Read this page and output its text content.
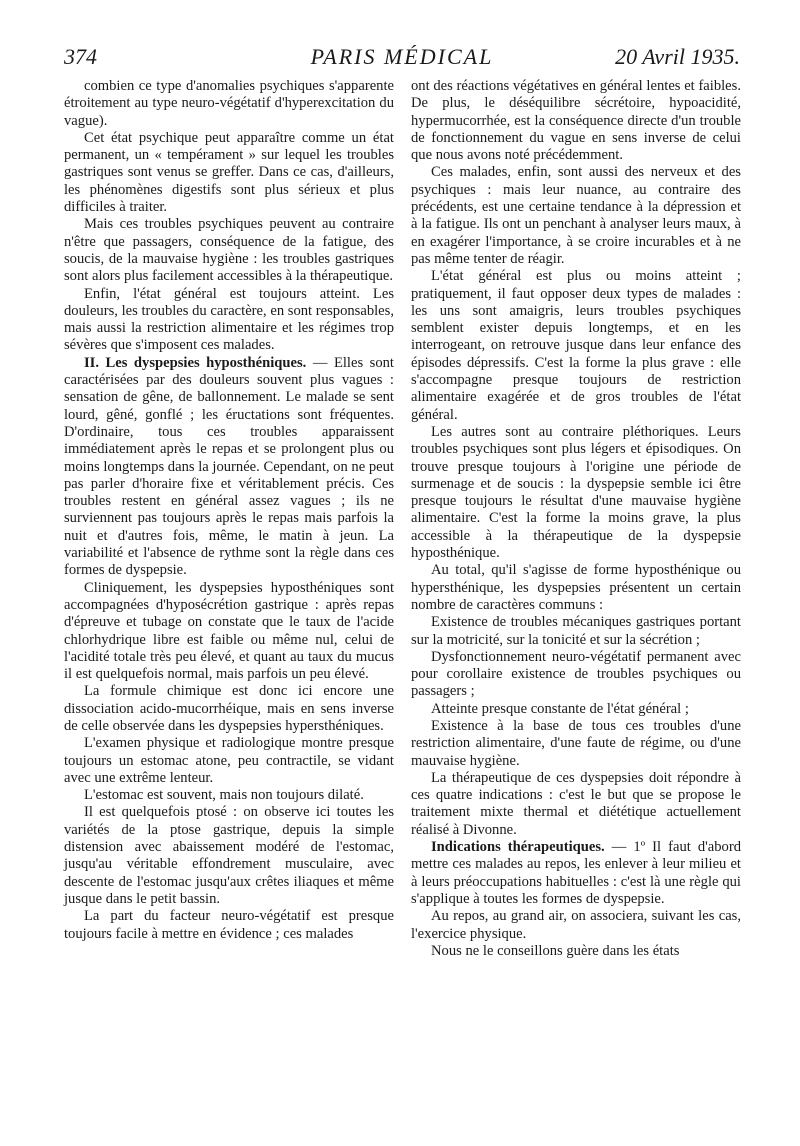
374	PARIS MÉDICAL	20 Avril 1935.

combien ce type d'anomalies psychiques s'apparente étroitement au type neuro-végétatif d'hyperexcitation du vague).

Cet état psychique peut apparaître comme un état permanent, un « tempérament » sur lequel les troubles gastriques sont venus se greffer. Dans ce cas, d'ailleurs, les phénomènes digestifs sont plus sérieux et plus difficiles à traiter.

Mais ces troubles psychiques peuvent au contraire n'être que passagers, conséquence de la fatigue, des soucis, de la mauvaise hygiène : les troubles gastriques sont alors plus facilement accessibles à la thérapeutique.

Enfin, l'état général est toujours atteint. Les douleurs, les troubles du caractère, en sont responsables, mais aussi la restriction alimentaire et les régimes trop sévères que s'imposent ces malades.

II. Les dyspepsies hyposthéniques. — Elles sont caractérisées par des douleurs souvent plus vagues : sensation de gêne, de ballonnement. Le malade se sent lourd, gêné, gonflé ; les éructations sont fréquentes. D'ordinaire, tous ces troubles apparaissent immédiatement après le repas et se prolongent plus ou moins longtemps dans la journée. Cependant, on ne peut pas parler d'horaire fixe et véritablement précis. Ces troubles restent en général assez vagues ; ils ne surviennent pas toujours après le repas mais parfois la nuit et d'autres fois, même, le matin à jeun. La variabilité et l'absence de rythme sont la règle dans ces formes de dyspepsie.

Cliniquement, les dyspepsies hyposthéniques sont accompagnées d'hyposécrétion gastrique : après repas d'épreuve et tubage on constate que le taux de l'acide chlorhydrique libre est faible ou même nul, celui de l'acidité totale très peu élevé, et quant au taux du mucus il est quelquefois normal, mais parfois un peu élevé.

La formule chimique est donc ici encore une dissociation acido-mucorrhéique, mais en sens inverse de celle observée dans les dyspepsies hypersthéniques.

L'examen physique et radiologique montre presque toujours un estomac atone, peu contractile, se vidant avec une extrême lenteur.

L'estomac est souvent, mais non toujours dilaté.

Il est quelquefois ptosé : on observe ici toutes les variétés de la ptose gastrique, depuis la simple distension avec abaissement modéré de l'estomac, jusqu'au véritable effondrement musculaire, avec descente de l'estomac jusqu'aux crêtes iliaques et même jusque dans le petit bassin.

La part du facteur neuro-végétatif est presque toujours facile à mettre en évidence ; ces malades

ont des réactions végétatives en général lentes et faibles. De plus, le déséquilibre sécrétoire, hypoacidité, hypermucorrhée, est la conséquence directe d'un trouble de fonctionnement du vague en sens inverse de celui que nous avons noté précédemment.

Ces malades, enfin, sont aussi des nerveux et des psychiques : mais leur nuance, au contraire des précédents, est une certaine tendance à la dépression et à la fatigue. Ils ont un penchant à analyser leurs maux, à en exagérer l'importance, à se croire incurables et à ne pas même tenter de réagir.

L'état général est plus ou moins atteint ; pratiquement, il faut opposer deux types de malades : les uns sont amaigris, leurs troubles psychiques semblent exister depuis longtemps, et en les interrogeant, on retrouve jusque dans leur enfance des épisodes dépressifs. C'est la forme la plus grave : elle s'accompagne presque toujours de restriction alimentaire exagérée et de gros troubles de l'état général.

Les autres sont au contraire pléthoriques. Leurs troubles psychiques sont plus légers et épisodiques. On trouve presque toujours à l'origine une période de surmenage et de soucis : la dyspepsie semble ici être presque toujours le résultat d'une mauvaise hygiène alimentaire. C'est la forme la moins grave, la plus accessible à la thérapeutique de la dyspepsie hyposthénique.

Au total, qu'il s'agisse de forme hyposthénique ou hypersthénique, les dyspepsies présentent un certain nombre de caractères communs :

Existence de troubles mécaniques gastriques portant sur la motricité, sur la tonicité et sur la sécrétion ;

Dysfonctionnement neuro-végétatif permanent avec pour corollaire existence de troubles psychiques ou passagers ;

Atteinte presque constante de l'état général ;

Existence à la base de tous ces troubles d'une restriction alimentaire, d'une faute de régime, ou d'une mauvaise hygiène.

La thérapeutique de ces dyspepsies doit répondre à ces quatre indications : c'est le but que se propose le traitement mixte thermal et diététique actuellement réalisé à Divonne.

Indications thérapeutiques. — 1º Il faut d'abord mettre ces malades au repos, les enlever à leur milieu et à leurs préoccupations habituelles : c'est là une règle qui s'applique à toutes les formes de dyspepsie.

Au repos, au grand air, on associera, suivant les cas, l'exercice physique.

Nous ne le conseillons guère dans les états
